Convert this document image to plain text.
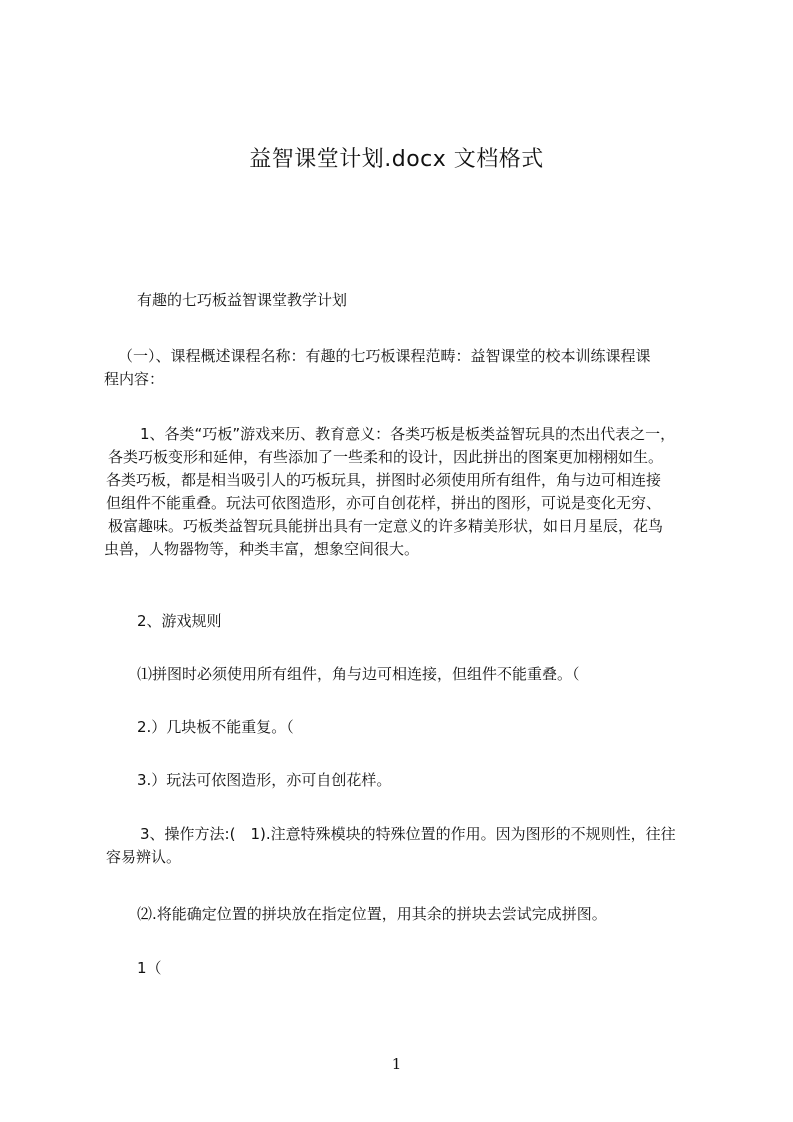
益智课堂计划.docx 文档格式
有趣的七巧板益智课堂教学计划
（一）、课程概述课程名称：有趣的七巧板课程范畴：益智课堂的校本训练课程课
程内容：
1、各类“巧板”游戏来历、教育意义：各类巧板是板类益智玩具的杰出代表之一，
各类巧板变形和延伸，有些添加了一些柔和的设计，因此拼出的图案更加栩栩如生。
各类巧板，都是相当吸引人的巧板玩具，拼图时必须使用所有组件，角与边可相连接
但组件不能重叠。玩法可依图造形，亦可自创花样，拼出的图形，可说是变化无穷、
极富趣味。巧板类益智玩具能拼出具有一定意义的许多精美形状，如日月星辰，花鸟
虫兽，人物器物等，种类丰富，想象空间很大。
2、游戏规则
⑴拼图时必须使用所有组件，角与边可相连接，但组件不能重叠。（
2.）几块板不能重复。（
3.）玩法可依图造形，亦可自创花样。
3、操作方法:(　1).注意特殊模块的特殊位置的作用。因为图形的不规则性，往往
容易辨认。
⑵.将能确定位置的拼块放在指定位置，用其余的拼块去尝试完成拼图。
1（
1
